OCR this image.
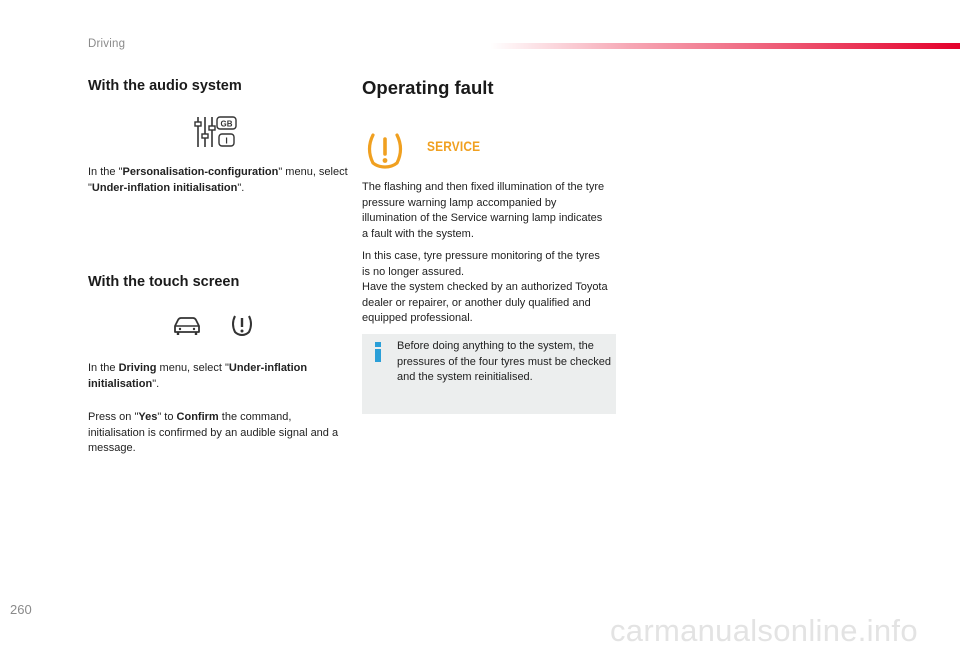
Driving
With the audio system
GB
I

In the "Personalisation-configuration" menu, select "Under-inflation initialisation".

With the touch screen

In the Driving menu, select "Under-inflation initialisation".

Press on "Yes" to Confirm the command, initialisation is confirmed by an audible signal and a message.

Operating fault
SERVICE

The flashing and then fixed illumination of the tyre pressure warning lamp accompanied by illumination of the Service warning lamp indicates a fault with the system.

In this case, tyre pressure monitoring of the tyres is no longer assured.
Have the system checked by an authorized Toyota dealer or repairer, or another duly qualified and equipped professional.

Before doing anything to the system, the pressures of the four tyres must be checked and the system reinitialised.

260
carmanualsonline.info
